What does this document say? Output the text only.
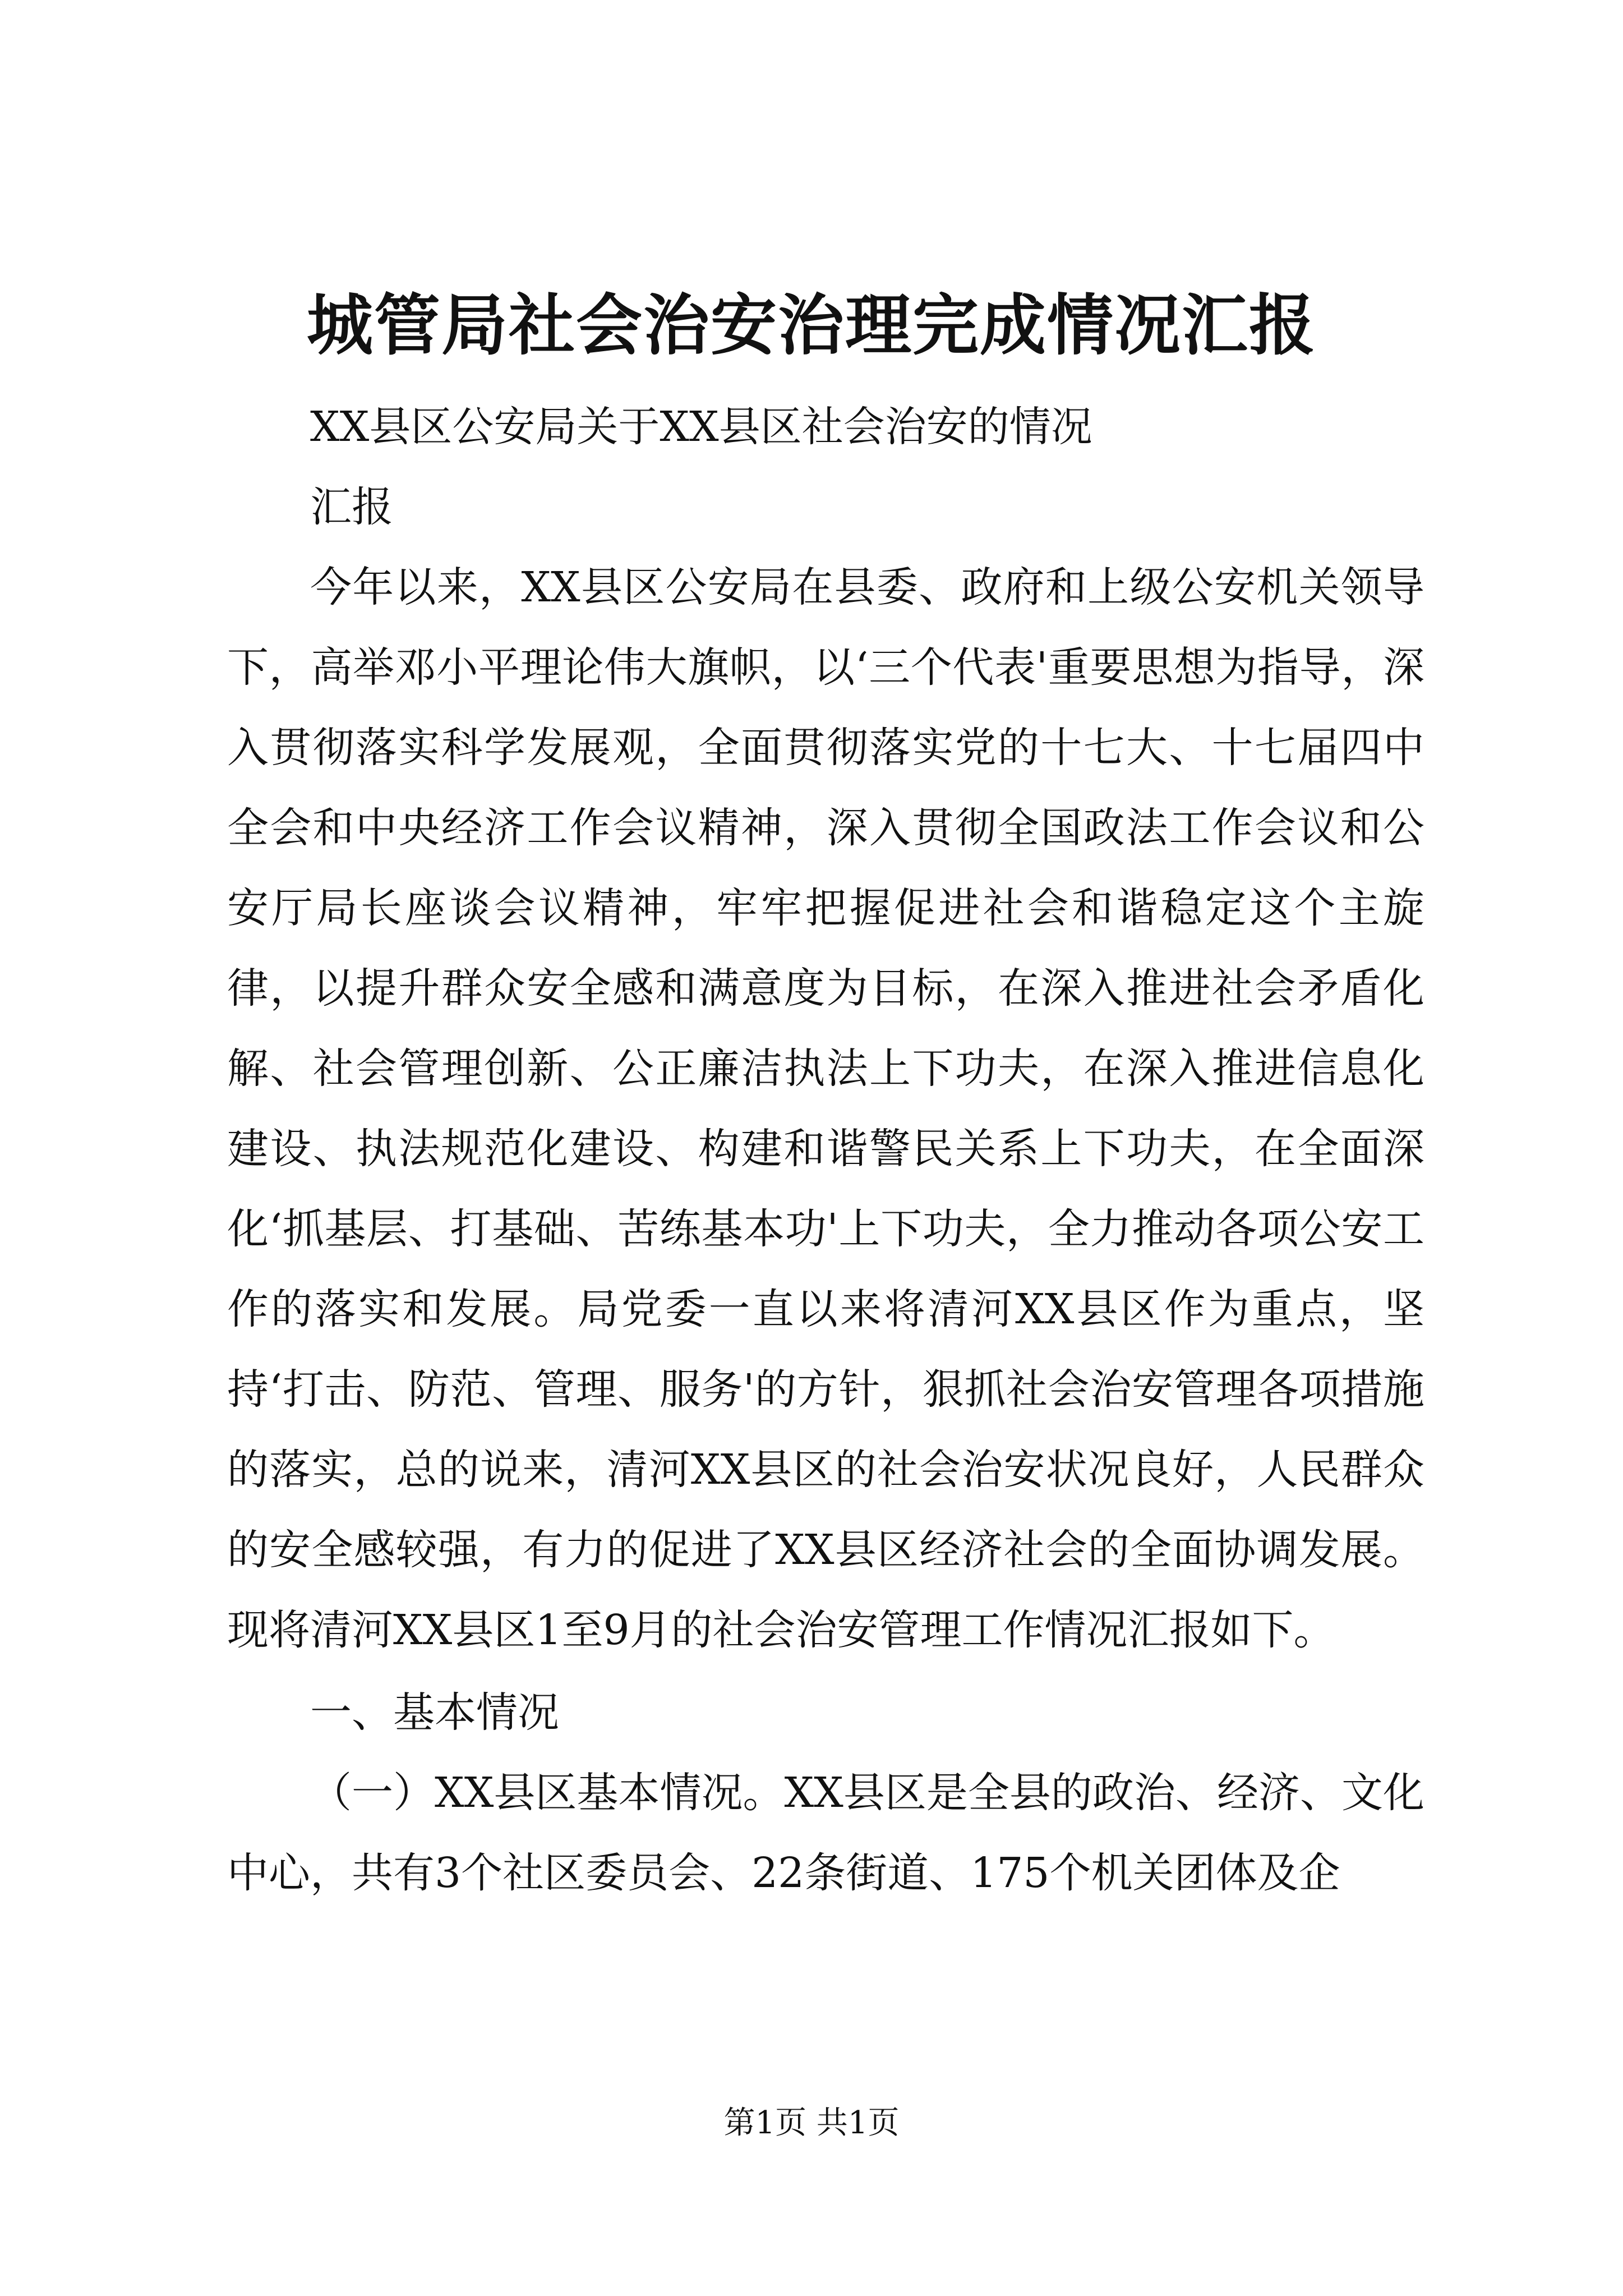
城管局社会治安治理完成情况汇报

XX县区公安局关于XX县区社会治安的情况

汇报

今年以来，XX县区公安局在县委、政府和上级公安机关领导下，高举邓小平理论伟大旗帜，以‘三个代表'重要思想为指导，深入贯彻落实科学发展观，全面贯彻落实党的十七大、十七届四中全会和中央经济工作会议精神，深入贯彻全国政法工作会议和公安厅局长座谈会议精神，牢牢把握促进社会和谐稳定这个主旋律，以提升群众安全感和满意度为目标，在深入推进社会矛盾化解、社会管理创新、公正廉洁执法上下功夫，在深入推进信息化建设、执法规范化建设、构建和谐警民关系上下功夫，在全面深化‘抓基层、打基础、苦练基本功'上下功夫，全力推动各项公安工作的落实和发展。局党委一直以来将清河XX县区作为重点，坚持‘打击、防范、管理、服务'的方针，狠抓社会治安管理各项措施的落实，总的说来，清河XX县区的社会治安状况良好，人民群众的安全感较强，有力的促进了XX县区经济社会的全面协调发展。现将清河XX县区1至9月的社会治安管理工作情况汇报如下。

一、基本情况

（一）XX县区基本情况。XX县区是全县的政治、经济、文化中心，共有3个社区委员会、22条街道、175个机关团体及企

第1页 共1页
